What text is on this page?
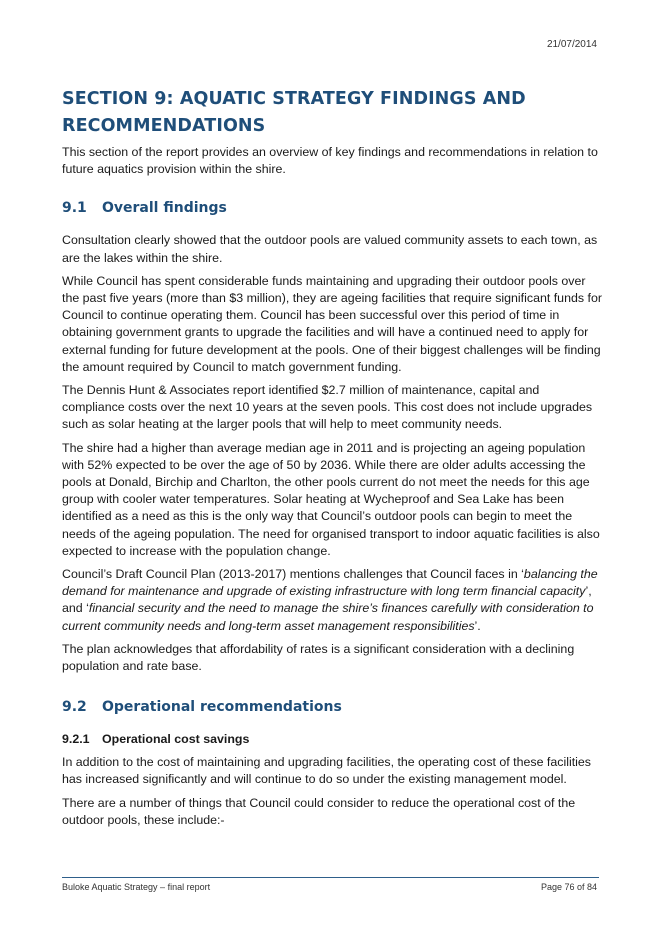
21/07/2014
SECTION 9: AQUATIC STRATEGY FINDINGS AND RECOMMENDATIONS

This section of the report provides an overview of key findings and recommendations in relation to future aquatics provision within the shire.

9.1 Overall findings

Consultation clearly showed that the outdoor pools are valued community assets to each town, as are the lakes within the shire.

While Council has spent considerable funds maintaining and upgrading their outdoor pools over the past five years (more than $3 million), they are ageing facilities that require significant funds for Council to continue operating them. Council has been successful over this period of time in obtaining government grants to upgrade the facilities and will have a continued need to apply for external funding for future development at the pools. One of their biggest challenges will be finding the amount required by Council to match government funding.

The Dennis Hunt & Associates report identified $2.7 million of maintenance, capital and compliance costs over the next 10 years at the seven pools. This cost does not include upgrades such as solar heating at the larger pools that will help to meet community needs.

The shire had a higher than average median age in 2011 and is projecting an ageing population with 52% expected to be over the age of 50 by 2036. While there are older adults accessing the pools at Donald, Birchip and Charlton, the other pools current do not meet the needs for this age group with cooler water temperatures. Solar heating at Wycheproof and Sea Lake has been identified as a need as this is the only way that Council’s outdoor pools can begin to meet the needs of the ageing population. The need for organised transport to indoor aquatic facilities is also expected to increase with the population change.

Council’s Draft Council Plan (2013-2017) mentions challenges that Council faces in ‘balancing the demand for maintenance and upgrade of existing infrastructure with long term financial capacity’, and ‘financial security and the need to manage the shire’s finances carefully with consideration to current community needs and long-term asset management responsibilities’.

The plan acknowledges that affordability of rates is a significant consideration with a declining population and rate base.

9.2 Operational recommendations
9.2.1 Operational cost savings

In addition to the cost of maintaining and upgrading facilities, the operating cost of these facilities has increased significantly and will continue to do so under the existing management model.

There are a number of things that Council could consider to reduce the operational cost of the outdoor pools, these include:-

Buloke Aquatic Strategy – final report	Page 76 of 84
